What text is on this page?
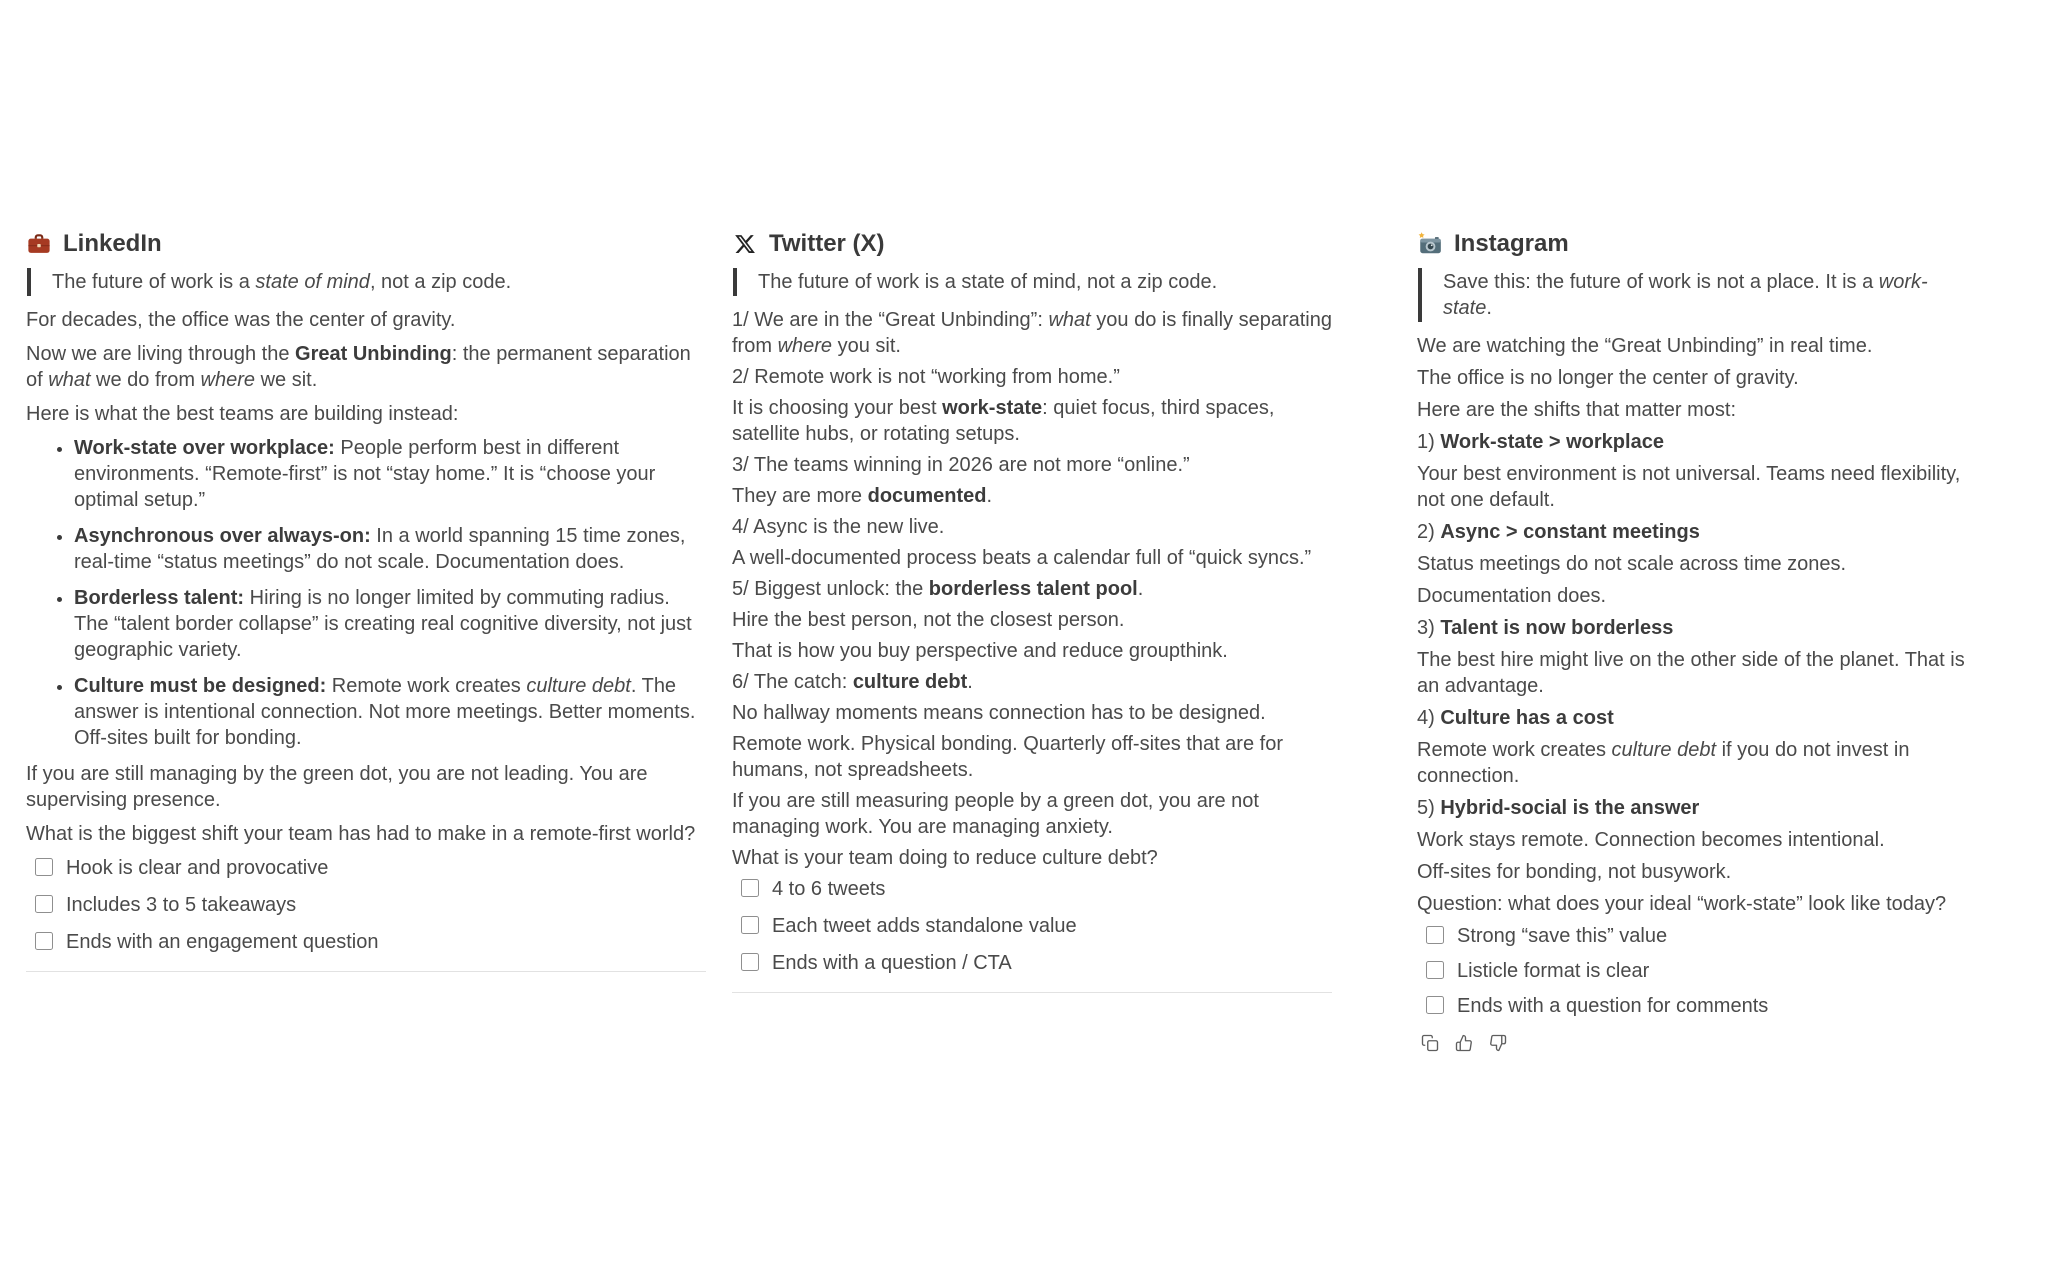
LinkedIn
The future of work is a state of mind, not a zip code.

For decades, the office was the center of gravity.

Now we are living through the Great Unbinding: the permanent separation of what we do from where we sit.

Here is what the best teams are building instead:

• Work-state over workplace: People perform best in different environments. “Remote-first” is not “stay home.” It is “choose your optimal setup.”
• Asynchronous over always-on: In a world spanning 15 time zones, real-time “status meetings” do not scale. Documentation does.
• Borderless talent: Hiring is no longer limited by commuting radius. The “talent border collapse” is creating real cognitive diversity, not just geographic variety.
• Culture must be designed: Remote work creates culture debt. The answer is intentional connection. Not more meetings. Better moments. Off-sites built for bonding.

If you are still managing by the green dot, you are not leading. You are supervising presence.

What is the biggest shift your team has had to make in a remote-first world?

Hook is clear and provocative
Includes 3 to 5 takeaways
Ends with an engagement question
Twitter (X)
The future of work is a state of mind, not a zip code.

1/ We are in the “Great Unbinding”: what you do is finally separating from where you sit.

2/ Remote work is not “working from home.”

It is choosing your best work-state: quiet focus, third spaces, satellite hubs, or rotating setups.

3/ The teams winning in 2026 are not more “online.”

They are more documented.

4/ Async is the new live.

A well-documented process beats a calendar full of “quick syncs.”

5/ Biggest unlock: the borderless talent pool.

Hire the best person, not the closest person.

That is how you buy perspective and reduce groupthink.

6/ The catch: culture debt.

No hallway moments means connection has to be designed.

Remote work. Physical bonding. Quarterly off-sites that are for humans, not spreadsheets.

If you are still measuring people by a green dot, you are not managing work. You are managing anxiety.

What is your team doing to reduce culture debt?

4 to 6 tweets
Each tweet adds standalone value
Ends with a question / CTA
Instagram
Save this: the future of work is not a place. It is a work-state.

We are watching the “Great Unbinding” in real time.

The office is no longer the center of gravity.

Here are the shifts that matter most:

1) Work-state > workplace

Your best environment is not universal. Teams need flexibility, not one default.

2) Async > constant meetings

Status meetings do not scale across time zones.

Documentation does.

3) Talent is now borderless

The best hire might live on the other side of the planet. That is an advantage.

4) Culture has a cost

Remote work creates culture debt if you do not invest in connection.

5) Hybrid-social is the answer

Work stays remote. Connection becomes intentional.

Off-sites for bonding, not busywork.

Question: what does your ideal “work-state” look like today?

Strong “save this” value
Listicle format is clear
Ends with a question for comments
